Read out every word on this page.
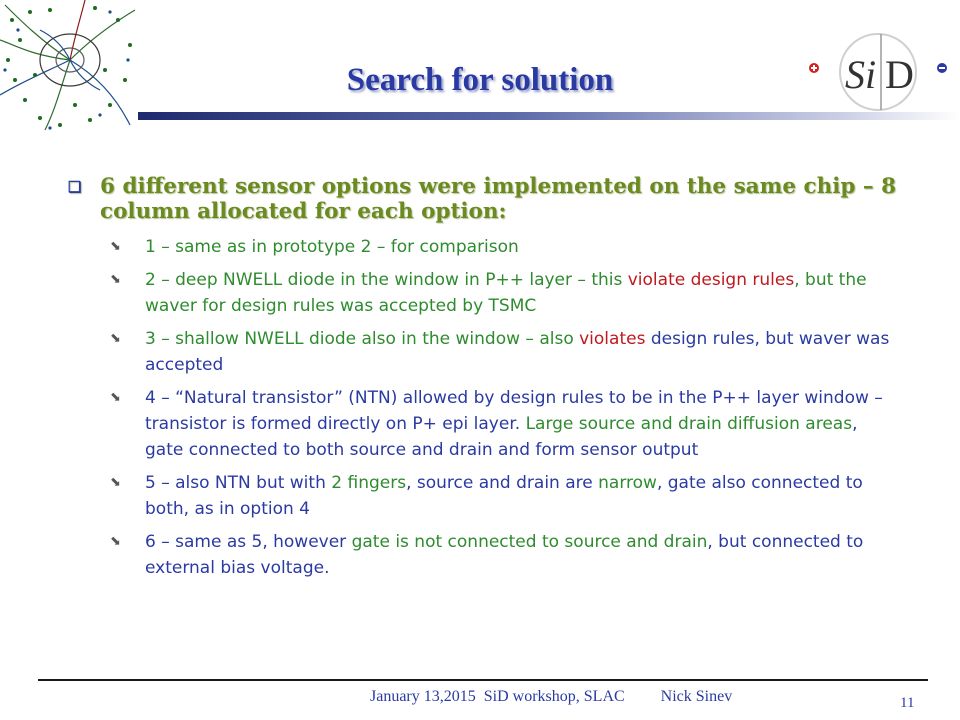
Search for solution	Si D
❏ 6 different sensor options were implemented on the same chip – 8 column allocated for each option:
⬊ 1 – same as in prototype 2 – for comparison
⬊ 2 – deep NWELL diode in the window in P++ layer – this violate design rules, but the waver for design rules was accepted by TSMC
⬊ 3 – shallow NWELL diode also in the window – also violates design rules, but waver was accepted
⬊ 4 – “Natural transistor” (NTN) allowed by design rules to be in the P++ layer window – transistor is formed directly on P+ epi layer. Large source and drain diffusion areas, gate connected to both source and drain and form sensor output
⬊ 5 – also NTN but with 2 fingers, source and drain are narrow, gate also connected to both, as in option 4
⬊ 6 – same as 5, however gate is not connected to source and drain, but connected to external bias voltage.
January 13,2015  SiD workshop, SLAC         Nick Sinev	11
